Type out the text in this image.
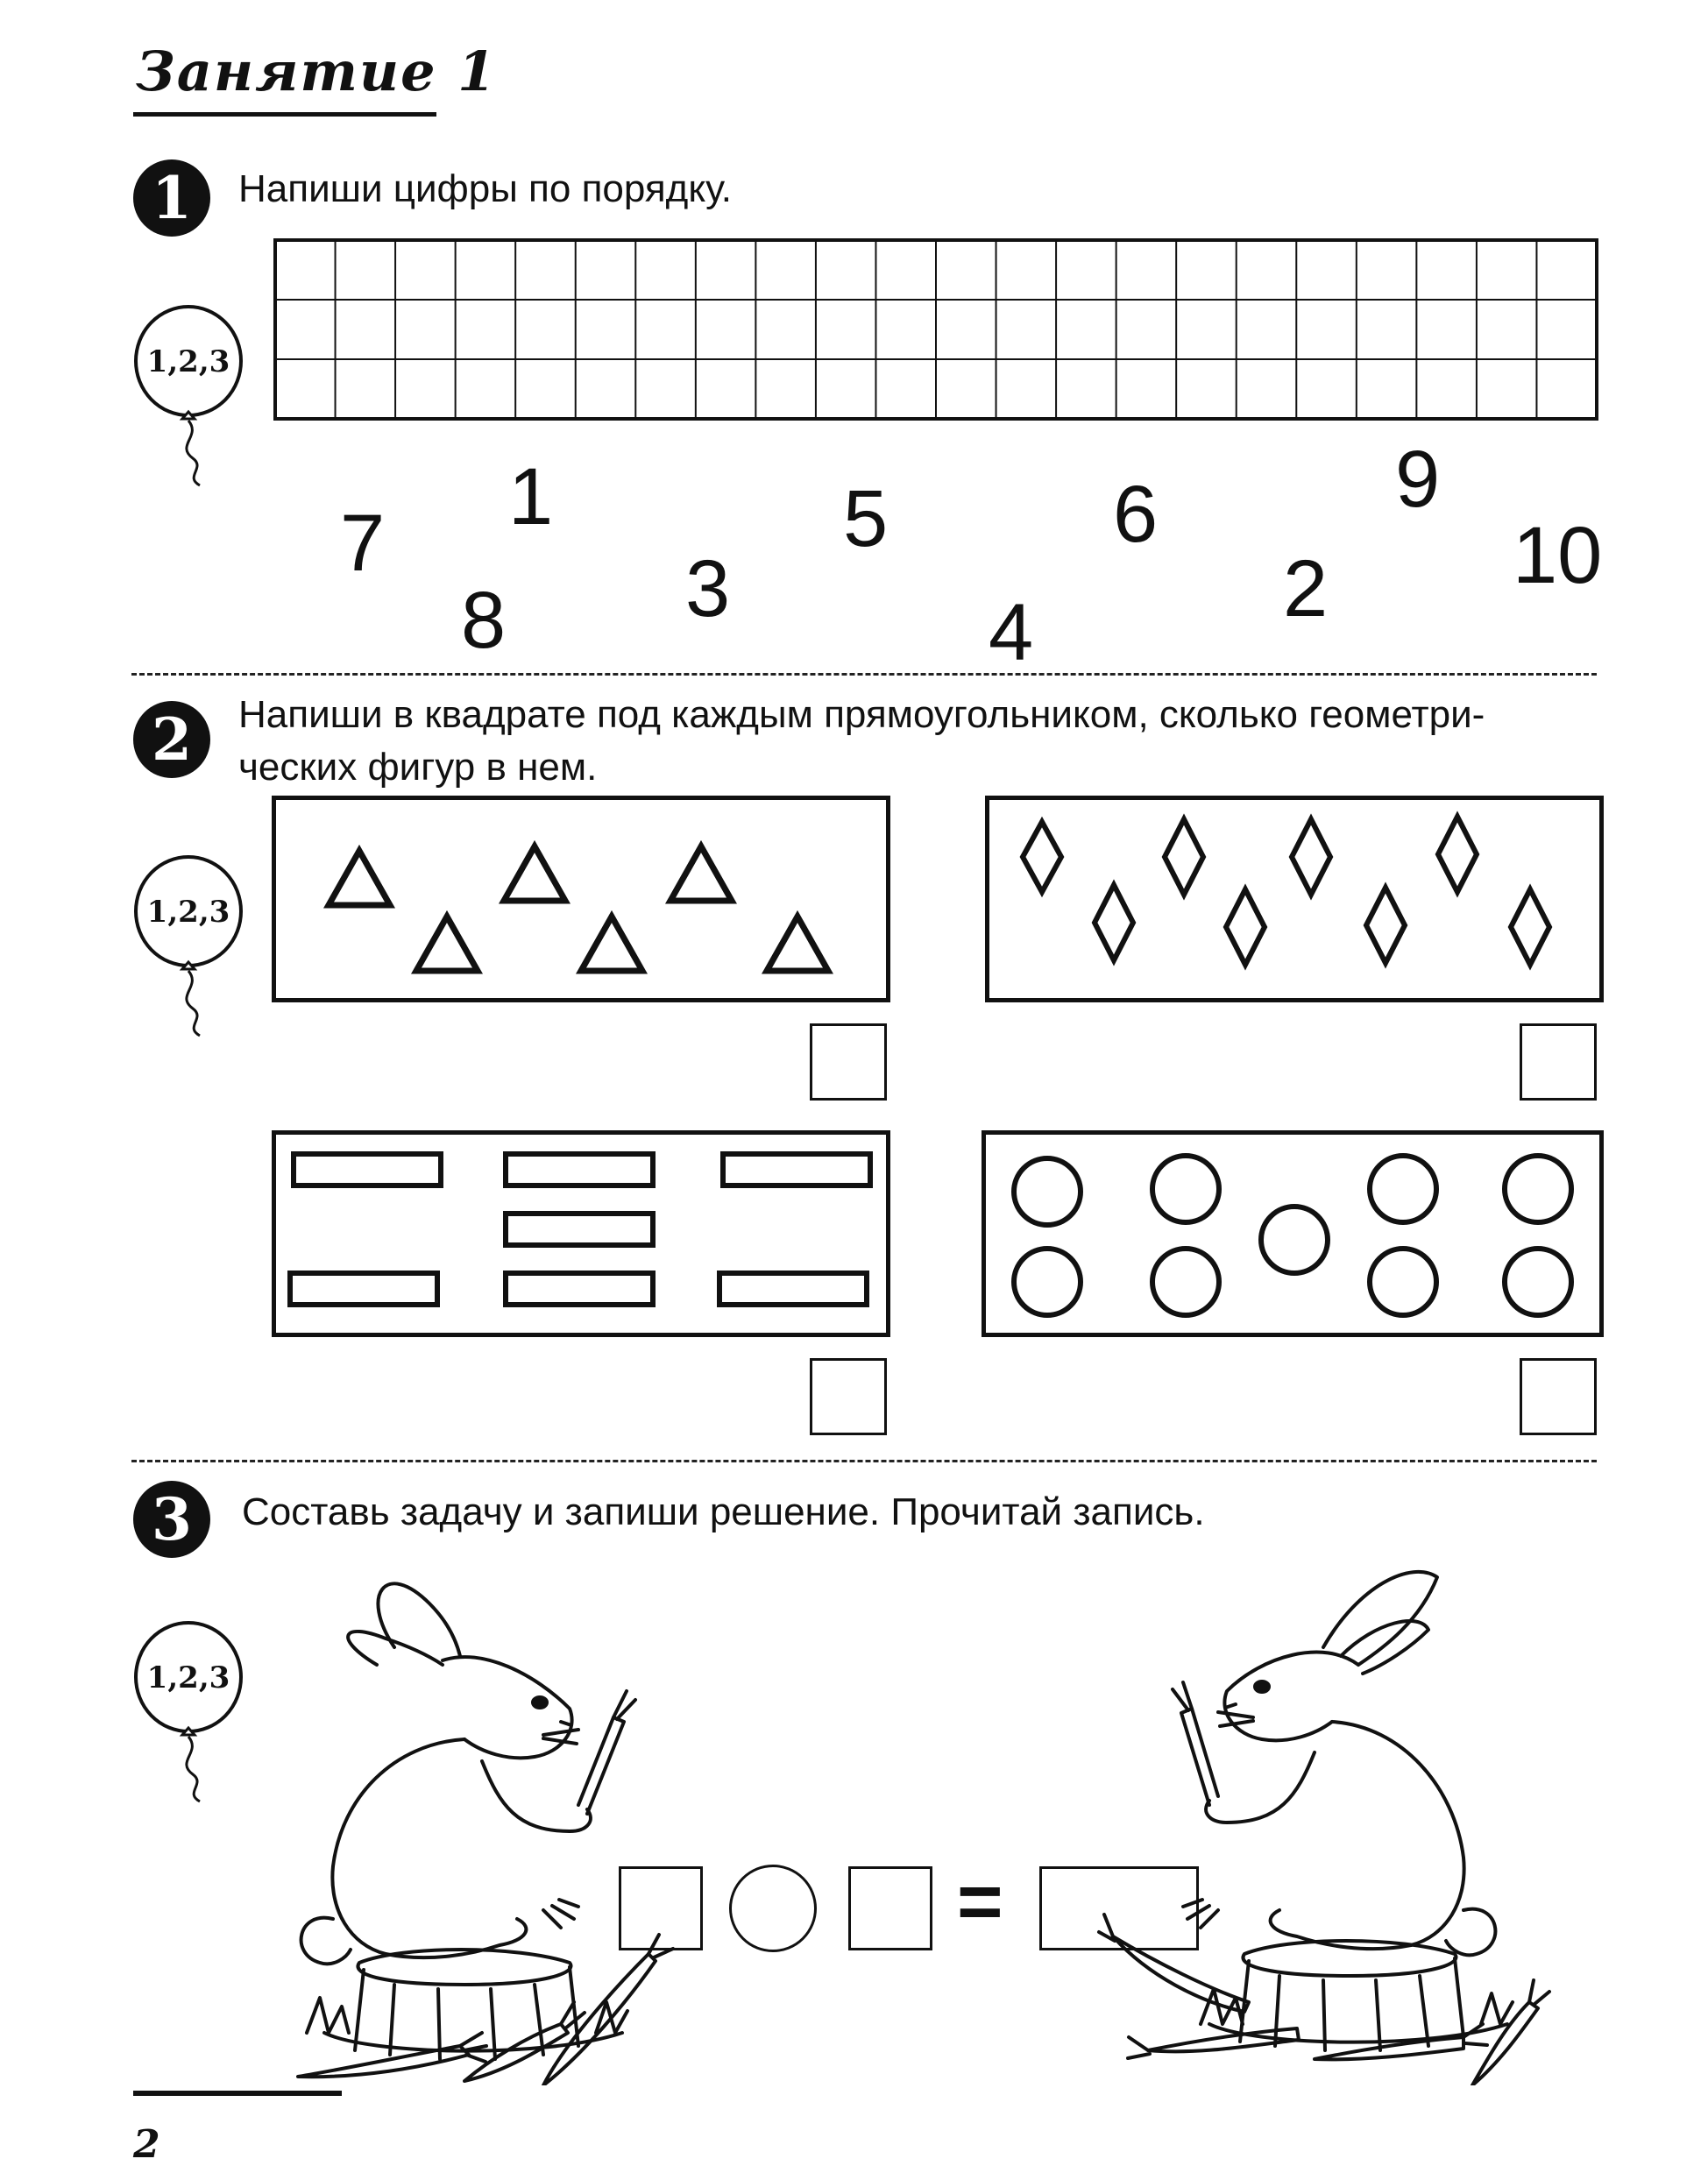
Занятие 1
1	Напиши цифры по порядку.
1,2,3
7
8
1
3
5
4
6
2
9
10
2	Напиши в квадрате под каждым прямоугольником, сколько геометри-
ческих фигур в нем.
1,2,3
3	Составь задачу и запиши решение. Прочитай запись.
1,2,3
=
2
